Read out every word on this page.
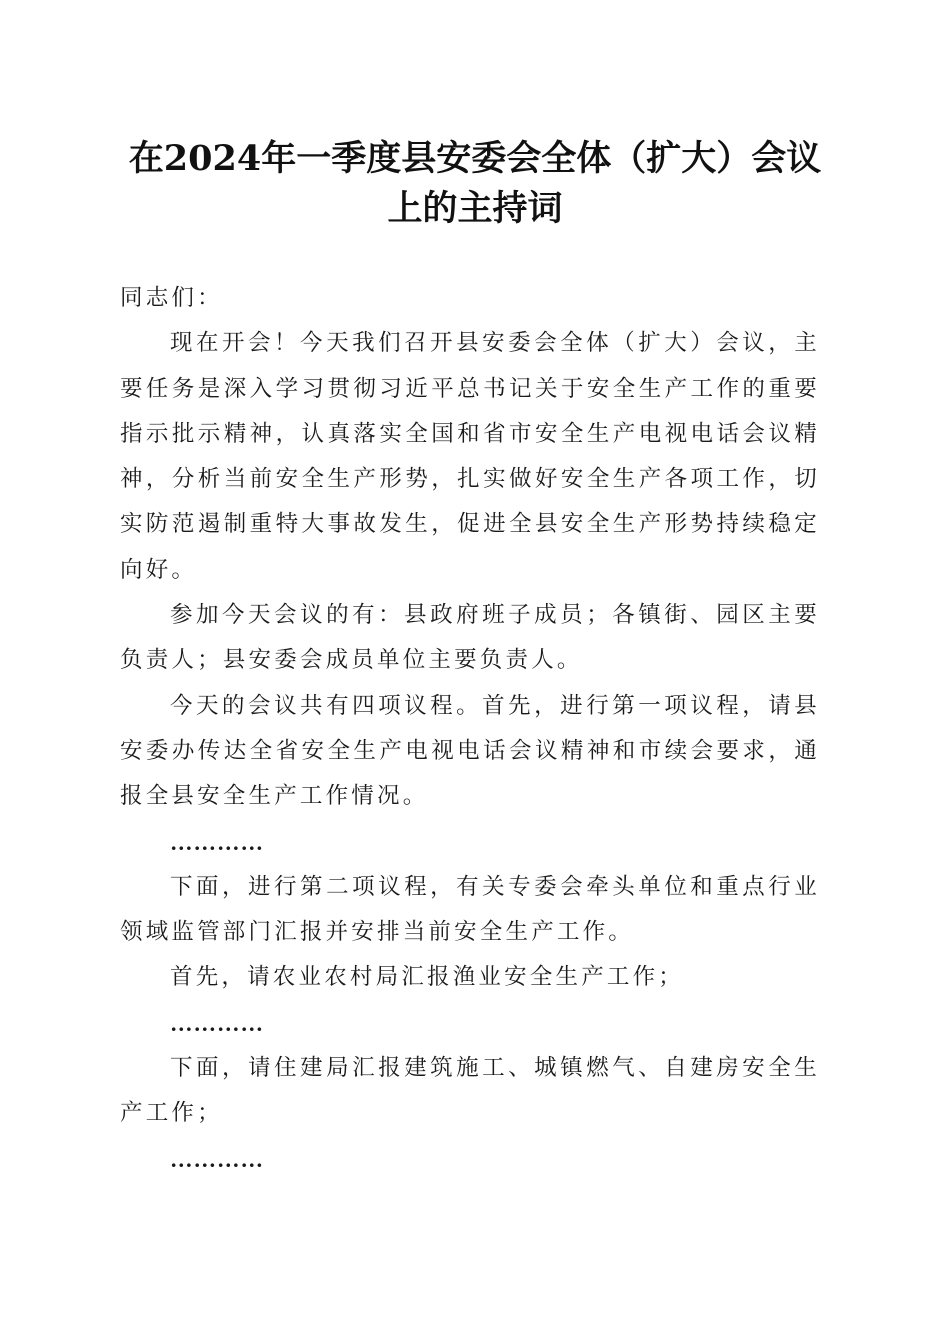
在2024年一季度县安委会全体（扩大）会议
上的主持词

同志们：

现在开会！今天我们召开县安委会全体（扩大）会议，主要任务是深入学习贯彻习近平总书记关于安全生产工作的重要指示批示精神，认真落实全国和省市安全生产电视电话会议精神，分析当前安全生产形势，扎实做好安全生产各项工作，切实防范遏制重特大事故发生，促进全县安全生产形势持续稳定向好。

参加今天会议的有：县政府班子成员；各镇街、园区主要负责人；县安委会成员单位主要负责人。

今天的会议共有四项议程。首先，进行第一项议程，请县安委办传达全省安全生产电视电话会议精神和市续会要求，通报全县安全生产工作情况。

…………

下面，进行第二项议程，有关专委会牵头单位和重点行业领域监管部门汇报并安排当前安全生产工作。

首先，请农业农村局汇报渔业安全生产工作；

…………

下面，请住建局汇报建筑施工、城镇燃气、自建房安全生产工作；

…………
